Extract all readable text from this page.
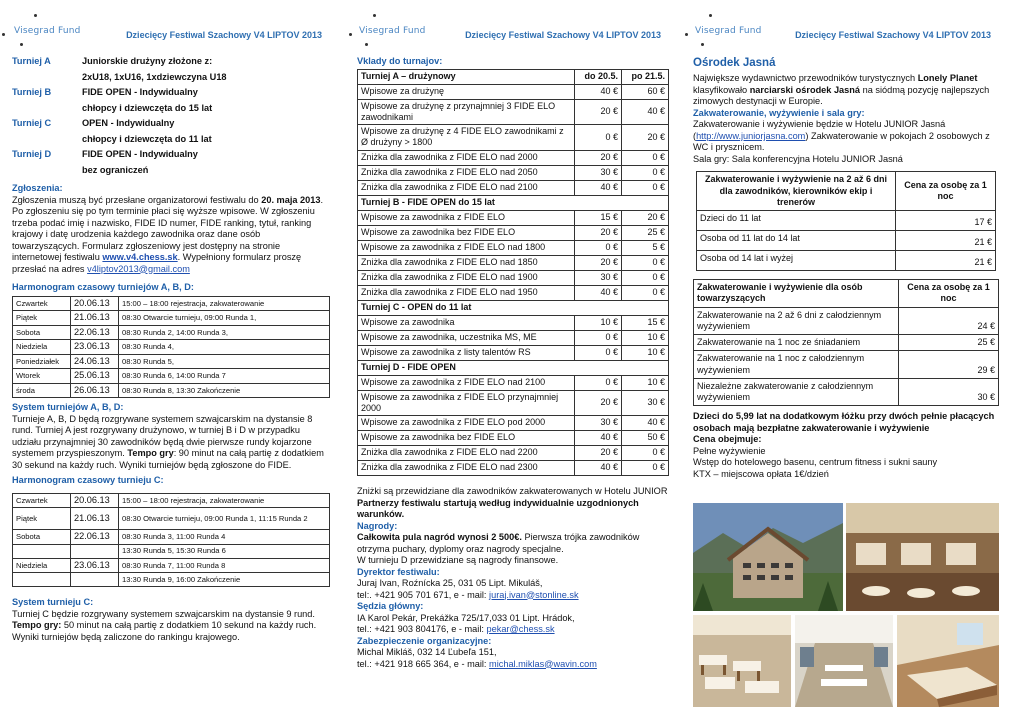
Visegrad Fund	Dziecięcy Festiwal Szachowy V4 LIPTOV 2013
Turniej A	Juniorskie drużyny złożone z:
2xU18, 1xU16, 1xdziewczyna U18
Turniej B	FIDE OPEN - Indywidualny
chłopcy i dziewczęta do 15 lat
Turniej C	OPEN - Indywidualny
chłopcy i dziewczęta do 11 lat
Turniej D	FIDE OPEN - Indywidualny
bez ograniczeń
Zgłoszenia:

Zgłoszenia muszą być przesłane organizatorowi festiwalu do 20. maja 2013. Po zgłoszeniu się po tym terminie płaci się wyższe wpisowe. W zgłoszeniu trzeba podać imię i nazwisko, FIDE ID numer, FIDE ranking, tytuł, ranking krajowy i datę urodzenia każdego zawodnika oraz dane osób towarzyszących. Formularz zgłoszeniowy jest dostępny na stronie internetowej festiwalu www.v4.chess.sk. Wypełniony formularz proszę przesłać na adres v4liptov2013@gmail.com

Harmonogram czasowy turniejów A, B, D:
Czwartek	20.06.13	15:00 – 18:00 rejestracja, zakwaterowanie
Piątek	21.06.13	08:30 Otwarcie turnieju, 09:00 Runda 1,
Sobota	22.06.13	08:30 Runda 2, 14:00 Runda 3,
Niedziela	23.06.13	08:30 Runda 4,
Poniedziałek	24.06.13	08:30 Runda 5,
Wtorek	25.06.13	08:30 Runda 6, 14:00 Runda 7
środa	26.06.13	08:30 Runda 8, 13:30 Zakończenie
System turniejów A, B, D:

Turnieje A, B, D będą rozgrywane systemem szwajcarskim na dystansie 8 rund. Turniej A jest rozgrywany drużynowo, w turniej B i D w przypadku udziału przynajmniej 30 zawodników będą dwie pierwsze rundy kojarzone systemem przyspieszonym. Tempo gry: 90 minut na całą partię z dodatkiem 30 sekund na każdy ruch. Wyniki turniejów będą zgłoszone do FIDE.

Harmonogram czasowy turnieju C:
Czwartek	20.06.13	15:00 – 18:00 rejestracja, zakwaterowanie
Piątek	21.06.13	08:30 Otwarcie turnieju, 09:00 Runda 1, 11:15 Runda 2
Sobota	22.06.13	08:30 Runda 3, 11:00 Runda 4
		13:30 Runda 5, 15:30 Runda 6
Niedziela	23.06.13	08:30 Runda 7, 11:00 Runda 8
		13:30 Runda 9, 16:00 Zakończenie
System turnieju C:

Turniej C będzie rozgrywany systemem szwajcarskim na dystansie 9 rund. Tempo gry: 50 minut na całą partię z dodatkiem 10 sekund na każdy ruch. Wyniki turniejów będą zaliczone do rankingu krajowego.

Visegrad Fund	Dziecięcy Festiwal Szachowy V4 LIPTOV 2013
Vklady do turnajov:
Turniej A – drużynowy	do 20.5.	po 21.5.
Wpisowe za drużynę	40 €	60 €
Wpisowe za drużynę z przynajmniej 3 FIDE ELO zawodnikami	20 €	40 €
Wpisowe za drużynę z 4 FIDE ELO zawodnikami z Ø drużyny > 1800	0 €	20 €
Zniżka dla zawodnika z FIDE ELO nad 2000	20 €	0 €
Zniżka dla zawodnika z FIDE ELO nad 2050	30 €	0 €
Zniżka dla zawodnika z FIDE ELO nad 2100	40 €	0 €
Turniej B - FIDE OPEN do 15 lat		
Wpisowe za zawodnika z FIDE ELO	15 €	20 €
Wpisowe za zawodnika bez FIDE ELO	20 €	25 €
Wpisowe za zawodnika z FIDE ELO nad 1800	0 €	5 €
Zniżka dla zawodnika z FIDE ELO nad 1850	20 €	0 €
Zniżka dla zawodnika z FIDE ELO nad 1900	30 €	0 €
Zniżka dla zawodnika z FIDE ELO nad 1950	40 €	0 €
Turniej C - OPEN do 11 lat		
Wpisowe za zawodnika	10 €	15 €
Wpisowe za zawodnika, uczestnika MS, ME	0 €	10 €
Wpisowe za zawodnika z listy talentów RS	0 €	10 €
Turniej D - FIDE OPEN		
Wpisowe za zawodnika z FIDE ELO nad 2100	0 €	10 €
Wpisowe za zawodnika z FIDE ELO przynajmniej 2000	20 €	30 €
Wpisowe za zawodnika z FIDE ELO pod 2000	30 €	40 €
Wpisowe za zawodnika bez FIDE ELO	40 €	50 €
Zniżka dla zawodnika z FIDE ELO nad 2200	20 €	0 €
Zniżka dla zawodnika z FIDE ELO nad 2300	40 €	0 €

Zniżki są przewidziane dla zawodników zakwaterowanych w Hotelu JUNIOR

Partnerzy festiwalu startują według indywidualnie uzgodnionych warunków.

Nagrody:

Całkowita pula nagród wynosi 2 500€. Pierwsza trójka zawodników otrzyma puchary, dyplomy oraz nagrody specjalne.

W turnieju D przewidziane są nagrody finansowe.

Dyrektor festiwalu:

Juraj Ivan, Roźnícka 25, 031 05 Lipt. Mikuláš,

tel:. +421 905 701 671, e - mail: juraj.ivan@stonline.sk

Sędzia główny:

IA Karol Pekár, Prekážka 725/17,033 01 Lipt. Hrádok,

tel.: +421 903 804176, e - mail: pekar@chess.sk

Zabezpieczenie organizacyjne:

Michal Mikláš, 032 14 Ľubeľa 151,

tel.: +421 918 665 364, e - mail: michal.miklas@wavin.com

Visegrad Fund	Dziecięcy Festiwal Szachowy V4 LIPTOV 2013
Ośrodek Jasná

Największe wydawnictwo przewodników turystycznych Lonely Planet klasyfikowało narciarski ośrodek Jasná na siódmą pozycję najlepszych zimowych destynacji w Europie.

Zakwaterowanie, wyżywienie i sala gry:

Zakwaterowanie i wyżywienie będzie w Hotelu JUNIOR Jasná (http://www.juniorjasna.com) Zakwaterowanie w pokojach 2 osobowych z WC i prysznicem.

Sala gry: Sala konferencyjna Hotelu JUNIOR Jasná

Zakwaterowanie i wyżywienie na 2 až 6 dni dla zawodników, kierowników ekip i trenerów	Cena za osobę za 1 noc
Dzieci do 11 lat	17 €
Osoba od 11 lat do 14 lat	21 €
Osoba od 14 lat i wyżej	21 €
Zakwaterowanie i wyżywienie dla osób towarzyszących	Cena za osobę za 1 noc
Zakwaterowanie na 2 až 6 dni z całodziennym wyżywieniem	24 €
Zakwaterowanie na 1 noc ze śniadaniem	25 €
Zakwaterowanie na 1 noc z całodziennym wyżywieniem	29 €
Niezależne zakwaterowanie z całodziennym wyżywieniem	30 €

Dzieci do 5,99 lat na dodatkowym łóżku przy dwóch pełnie płacących osobach mają bezpłatne zakwaterowanie i wyżywienie

Cena obejmuje:

Pełne wyżywienie

Wstęp do hotelowego basenu, centrum fitness i sukni sauny

KTX – miejscowa opłata 1€/dzień
